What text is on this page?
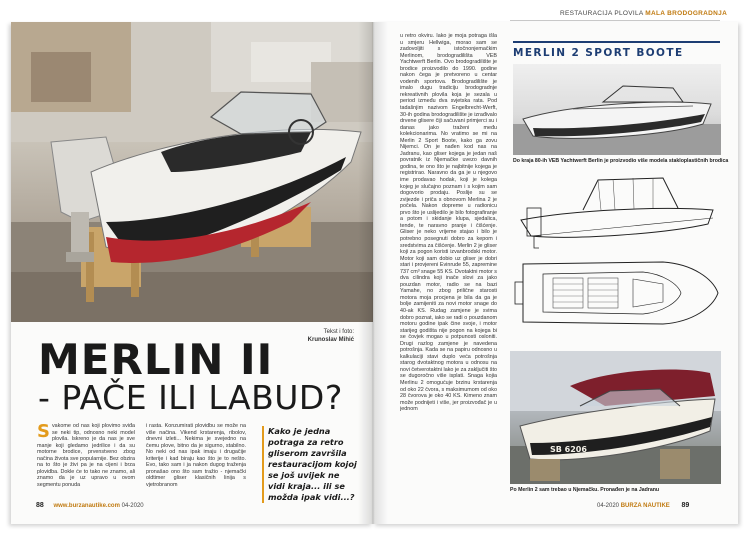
Tekst i foto:
Krunoslav Mihić
MERLIN II
- PAČE ILI LABUD?
Svakome od nas koji plovimo sviđa se neki tip, odnosno neki model plovila. Iskreno je da nas je sve manje koji gledamo jedrilice i da su motorne brodice, prvenstveno zbog načina života sve popularnije. Bez obzira na to što je živi pa je na cijeni i brza plovidba. Dokle će to tako ne znamo, ali znamo da je uz upravo u ovom segmentu ponuda
i rasta. Konzumirati plovidbu se može na više načina. Vikend krstarenja, ribolov, dnevni izleti... Nekima je svejedno na čemu plove, bitno da je sigurno, stabilno. No neki od nas ipak imaju i drugačije kriterije i kad biraju kao što je to nešto. Evo, tako sam i ja nakon dugog traženja pronašao ono što sam tražio - njemački oldtimer gliser klasičnih linija s vjetrobranom
Kako je jedna potraga za retro gliserom završila restauracijom kojoj se još uvijek ne vidi kraja... ili se možda ipak vidi...?
88 www.burzanautike.com 04-2020
RESTAURACIJA PLOVILA MALA BRODOGRADNJA
u retro okviru. Iako je moja potraga išla u smjeru Hellwiga, morao sam se zadovoljiti s istočnonjemačkim Merlinom, brodogradilišta VEB Yachtwerft Berlin. Ovo brodogradilište je brodice proizvodilo do 1990. godine nakon čega je pretvoreno u centar vodenih sportova. Brodogradilište je imalo dugu tradiciju brodogradnje rekreativnih plovila koja je sezala u period između dva svjetska rata. Pod tadašnjim nazivom Engelbrecht-Werft, 30-ih godina brodogradilište je izrađivalo drvene glisere čiji sačuvani primjerci su i danas jako traženi među kolekcionarima. No vratimo se mi na Merlin 2 Sport Boote, kako ga zovu Nijemci. On je nađen kod nas na Jadranu, kao gliser kojega je jedan naš povratnik iz Njemačke uvezo davnih godina, te ono što je najbitnije kojega je registrirao. Naravno da ga je u njegovo ime prodavao hodak, koji je kolega kojeg je slučajno poznam i s kojim sam dogovorio prodaju. Poslije su se zvijezde i priča s obnovom Merlina 2 je počela. Nakon dopreme u radionicu prvo što je uslijedilo je bilo fotografiranje a potom i skidanje klupa, sjedalica, tende, te naravno pranje i čišćenje. Gliser je neko vrijeme stajao i bilo je potrebno posegnuti dobro za kepom i sredstvima za čišćenje. Merlin 2 je gliser koji za pogon koristi izvanbrodski motor. Motor koji sam dobio uz gliser je dobri stari i provjereni Evinrude 55, zapremine 737 cm³ snage 55 KS. Dvotaktni motor s dva cilindra koji inače slovi za jako pouzdan motor, radio se na bazi Yamahe, no zbog prilične starosti motora moja procjena je bila da ga je bolje zamijeniti za novi motor snage do 40-ak KS. Rudag zamjene je svima dobro poznat, iako se radi o pouzdanom motoru godine ipak čine svoje, i motor starijeg godišta nije pogon na kojega bi se čovjek mogao u potpunosti osloniti. Drugi razlog zamjene je navedena potrošnja. Kada se na papiru odnosno u kalkulaciji stavi duplo veća potrošnja starog dvotaktnog motora u odnosu na novi četverotaktni lako je za zaključiti što se dugoročno više isplati. Snaga kojia Merlinu 2 omogućuje brzinu krstarenja od oko 22 čvora, s maksimumom od oko 28 čvorova je oko 40 KS. Kimeno znam može podnijeti i više, jer proizvođač je u jednom
MERLIN 2 SPORT BOOTE
Do kraja 80-ih VEB Yachtwerft Berlin je proizvodio više modela stakloplastičnih brodica
SB 6206
Po Merlin 2 sam trebao u Njemačku. Pronađen je na Jadranu
04-2020 BURZA NAUTIKE 89
